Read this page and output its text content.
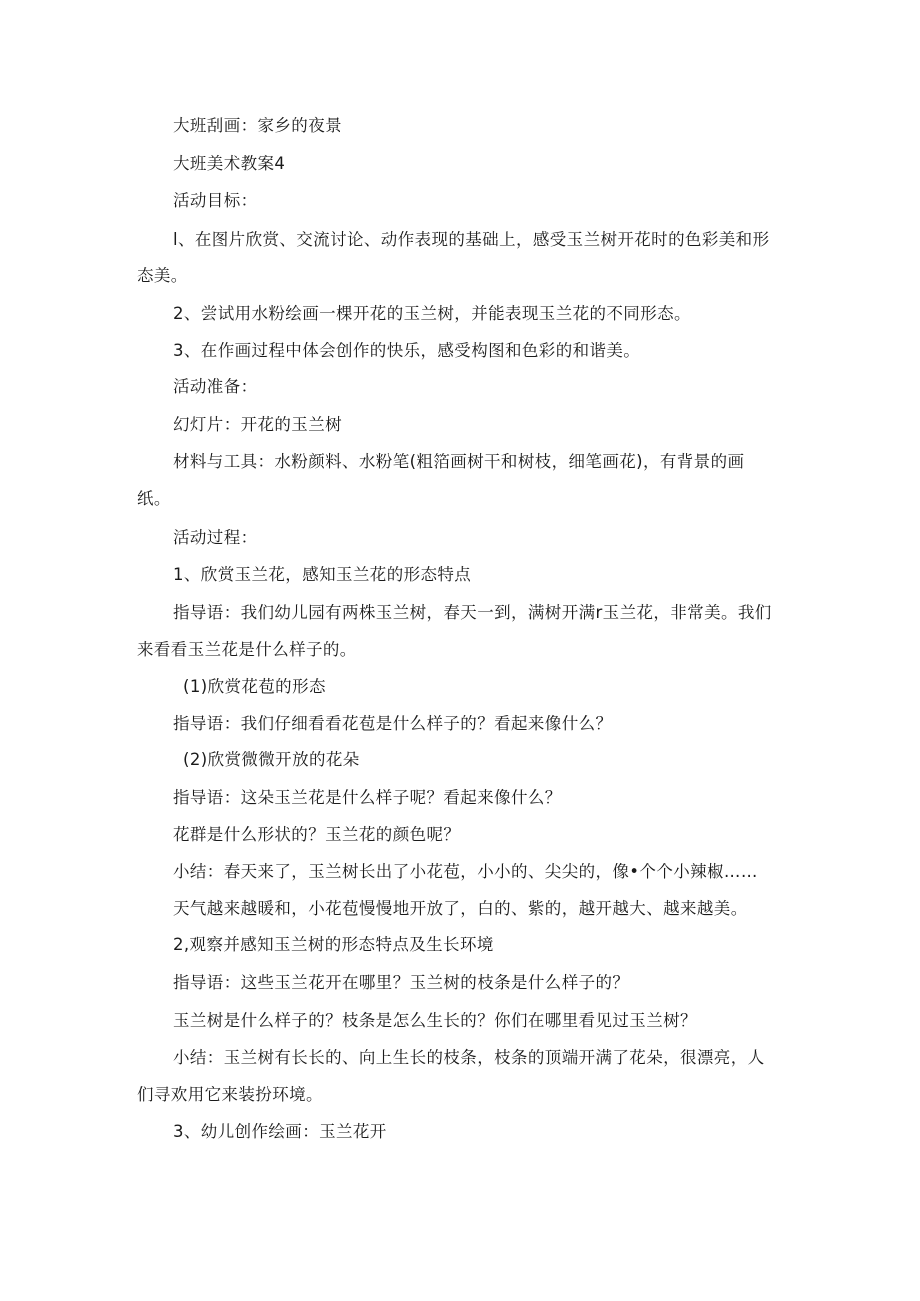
大班刮画：家乡的夜景
大班美术教案4
活动目标：
l、在图片欣赏、交流讨论、动作表现的基础上，感受玉兰树开花时的色彩美和形
态美。
2、尝试用水粉绘画一棵开花的玉兰树，并能表现玉兰花的不同形态。
3、在作画过程中体会创作的快乐，感受构图和色彩的和谐美。
活动准备：
幻灯片：开花的玉兰树
材料与工具：水粉颜料、水粉笔(粗箔画树干和树枝，细笔画花)，有背景的画
纸。
活动过程：
1、欣赏玉兰花，感知玉兰花的形态特点
指导语：我们幼儿园有两株玉兰树，春天一到，满树开满r玉兰花，非常美。我们
来看看玉兰花是什么样子的。
(1)欣赏花苞的形态
指导语：我们仔细看看花苞是什么样子的？看起来像什么？
(2)欣赏微微开放的花朵
指导语：这朵玉兰花是什么样子呢？看起来像什么？
花群是什么形状的？玉兰花的颜色呢？
小结：春天来了，玉兰树长出了小花苞，小小的、尖尖的，像•个个小辣椒……
天气越来越暖和，小花苞慢慢地开放了，白的、紫的，越开越大、越来越美。
2,观察并感知玉兰树的形态特点及生长环境
指导语：这些玉兰花开在哪里？玉兰树的枝条是什么样子的？
玉兰树是什么样子的？枝条是怎么生长的？你们在哪里看见过玉兰树？
小结：玉兰树有长长的、向上生长的枝条，枝条的顶端开满了花朵，很漂亮，人
们寻欢用它来装扮环境。
3、幼儿创作绘画：玉兰花开
